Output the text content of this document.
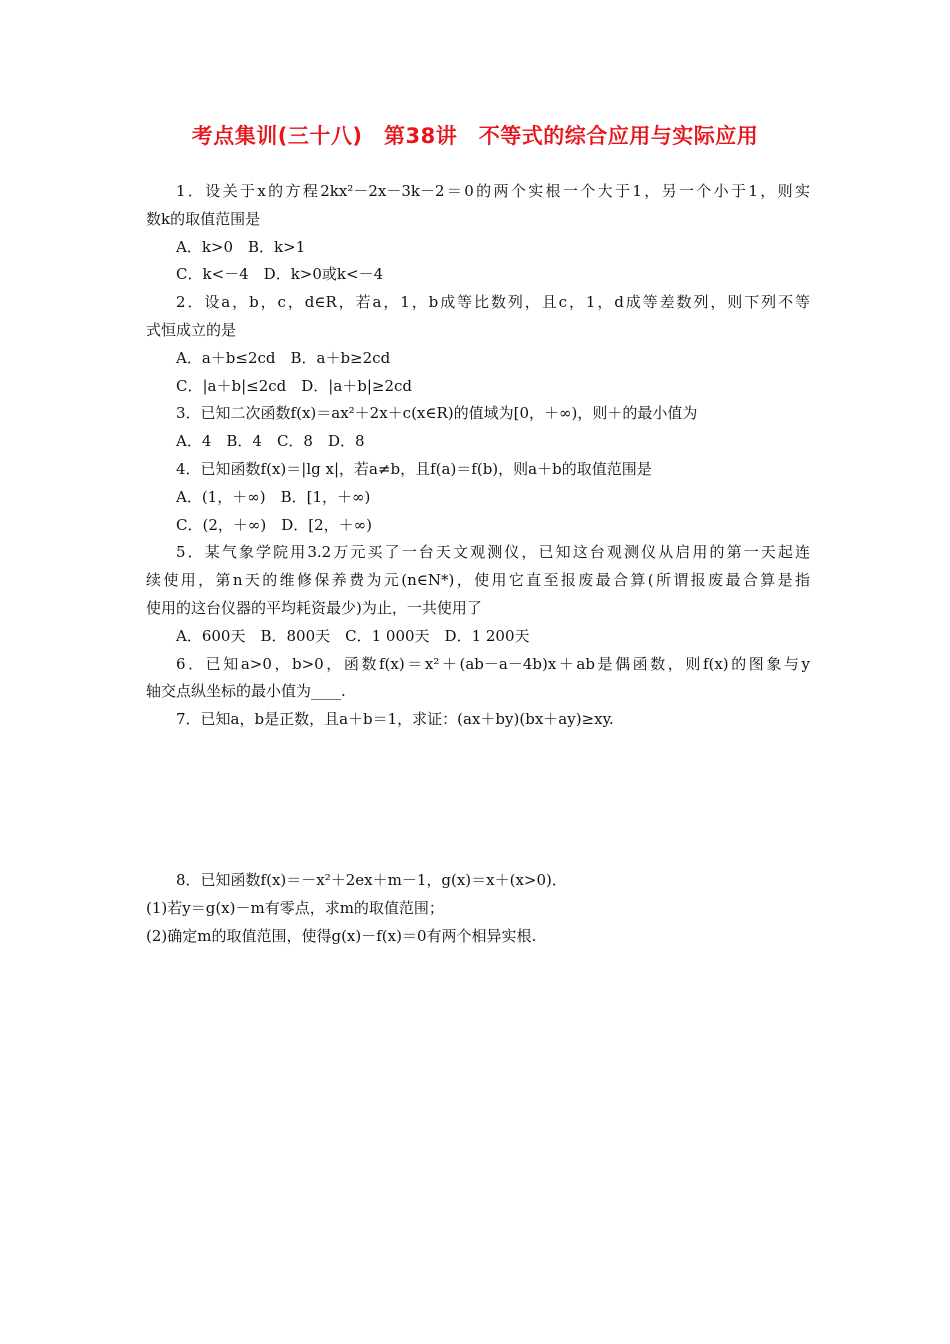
考点集训(三十八)　第38讲　不等式的综合应用与实际应用
1．设关于x的方程2kx²－2x－3k－2＝0的两个实根一个大于1，另一个小于1，则实
数k的取值范围是
A．k>0　B．k>1
C．k<－4　D．k>0或k<－4
2．设a，b，c，d∈R，若a，1，b成等比数列，且c，1，d成等差数列，则下列不等
式恒成立的是
A．a＋b≤2cd　B．a＋b≥2cd
C．|a＋b|≤2cd　D．|a＋b|≥2cd
3．已知二次函数f(x)＝ax²＋2x＋c(x∈R)的值域为[0，＋∞)，则＋的最小值为
A．4　B．4　C．8　D．8
4．已知函数f(x)＝|lg x|，若a≠b，且f(a)＝f(b)，则a＋b的取值范围是
A．(1，＋∞)　B．[1，＋∞)
C．(2，＋∞)　D．[2，＋∞)
5．某气象学院用3.2万元买了一台天文观测仪，已知这台观测仪从启用的第一天起连
续使用，第n天的维修保养费为元(n∈N*)，使用它直至报废最合算(所谓报废最合算是指
使用的这台仪器的平均耗资最少)为止，一共使用了
A．600天　B．800天　C．1 000天　D．1 200天
6．已知a>0，b>0，函数f(x)＝x²＋(ab－a－4b)x＋ab是偶函数，则f(x)的图象与y
轴交点纵坐标的最小值为____.
7．已知a，b是正数，且a＋b＝1，求证：(ax＋by)(bx＋ay)≥xy.
8．已知函数f(x)＝－x²＋2ex＋m－1，g(x)＝x＋(x>0)．
(1)若y＝g(x)－m有零点，求m的取值范围；
(2)确定m的取值范围，使得g(x)－f(x)＝0有两个相异实根.
